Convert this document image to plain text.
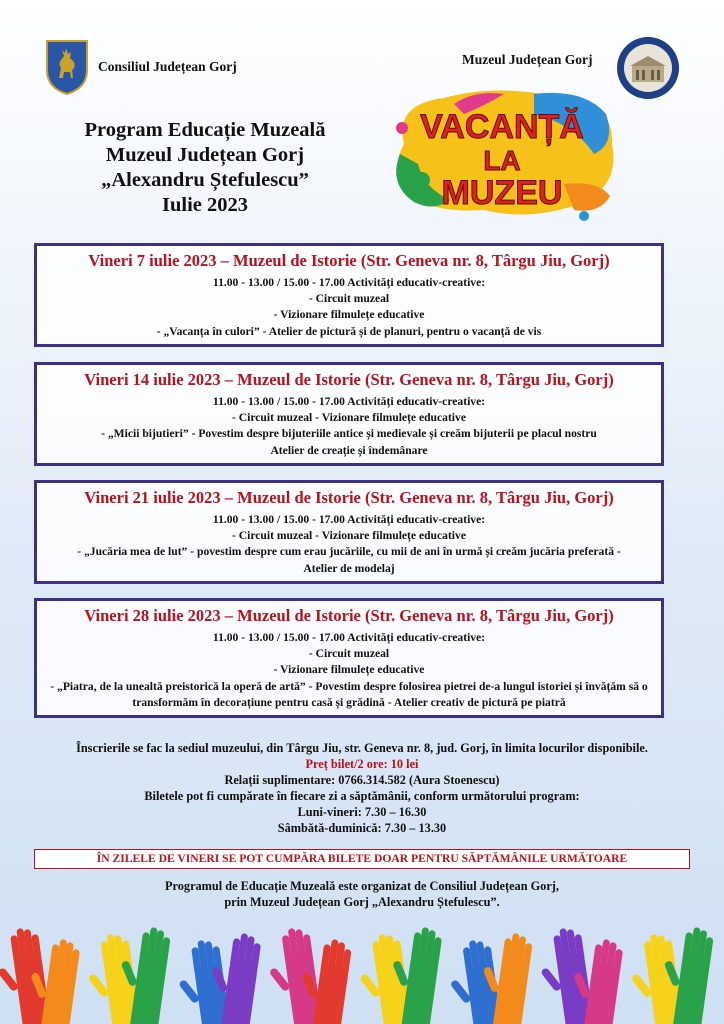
Consiliul Județean Gorj	Muzeul Județean Gorj
Program Educație Muzeală
Muzeul Județean Gorj
„Alexandru Ștefulescu”
Iulie 2023
VACANȚĂ
LA
MUZEU
Vineri 7 iulie 2023 – Muzeul de Istorie (Str. Geneva nr. 8, Târgu Jiu, Gorj)
11.00 - 13.00 / 15.00 - 17.00 Activități educativ-creative:
- Circuit muzeal
- Vizionare filmulețe educative
- „Vacanța în culori” - Atelier de pictură și de planuri, pentru o vacanță de vis
Vineri 14 iulie 2023 – Muzeul de Istorie (Str. Geneva nr. 8, Târgu Jiu, Gorj)
11.00 - 13.00 / 15.00 - 17.00 Activități educativ-creative:
- Circuit muzeal - Vizionare filmulețe educative
- „Micii bijutieri” - Povestim despre bijuteriile antice și medievale și creăm bijuterii pe placul nostru
Atelier de creație și îndemânare
Vineri 21 iulie 2023 – Muzeul de Istorie (Str. Geneva nr. 8, Târgu Jiu, Gorj)
11.00 - 13.00 / 15.00 - 17.00 Activități educativ-creative:
- Circuit muzeal - Vizionare filmulețe educative
- „Jucăria mea de lut” - povestim despre cum erau jucăriile, cu mii de ani în urmă și creăm jucăria preferată -
Atelier de modelaj
Vineri 28 iulie 2023 – Muzeul de Istorie (Str. Geneva nr. 8, Târgu Jiu, Gorj)
11.00 - 13.00 / 15.00 - 17.00 Activități educativ-creative:
- Circuit muzeal
- Vizionare filmulețe educative
- „Piatra, de la unealtă preistorică la operă de artă” - Povestim despre folosirea pietrei de-a lungul istoriei și învățăm să o transformăm în decorațiune pentru casă și grădină - Atelier creativ de pictură pe piatră
Înscrierile se fac la sediul muzeului, din Târgu Jiu, str. Geneva nr. 8, jud. Gorj, în limita locurilor disponibile.
Preț bilet/2 ore: 10 lei
Relații suplimentare: 0766.314.582 (Aura Stoenescu)
Biletele pot fi cumpărate în fiecare zi a săptămânii, conform următorului program:
Luni-vineri: 7.30 – 16.30
Sâmbătă-duminică: 7.30 – 13.30
ÎN ZILELE DE VINERI SE POT CUMPĂRA BILETE DOAR PENTRU SĂPTĂMÂNILE URMĂTOARE
Programul de Educație Muzeală este organizat de Consiliul Județean Gorj,
prin Muzeul Județean Gorj „Alexandru Ștefulescu”.
